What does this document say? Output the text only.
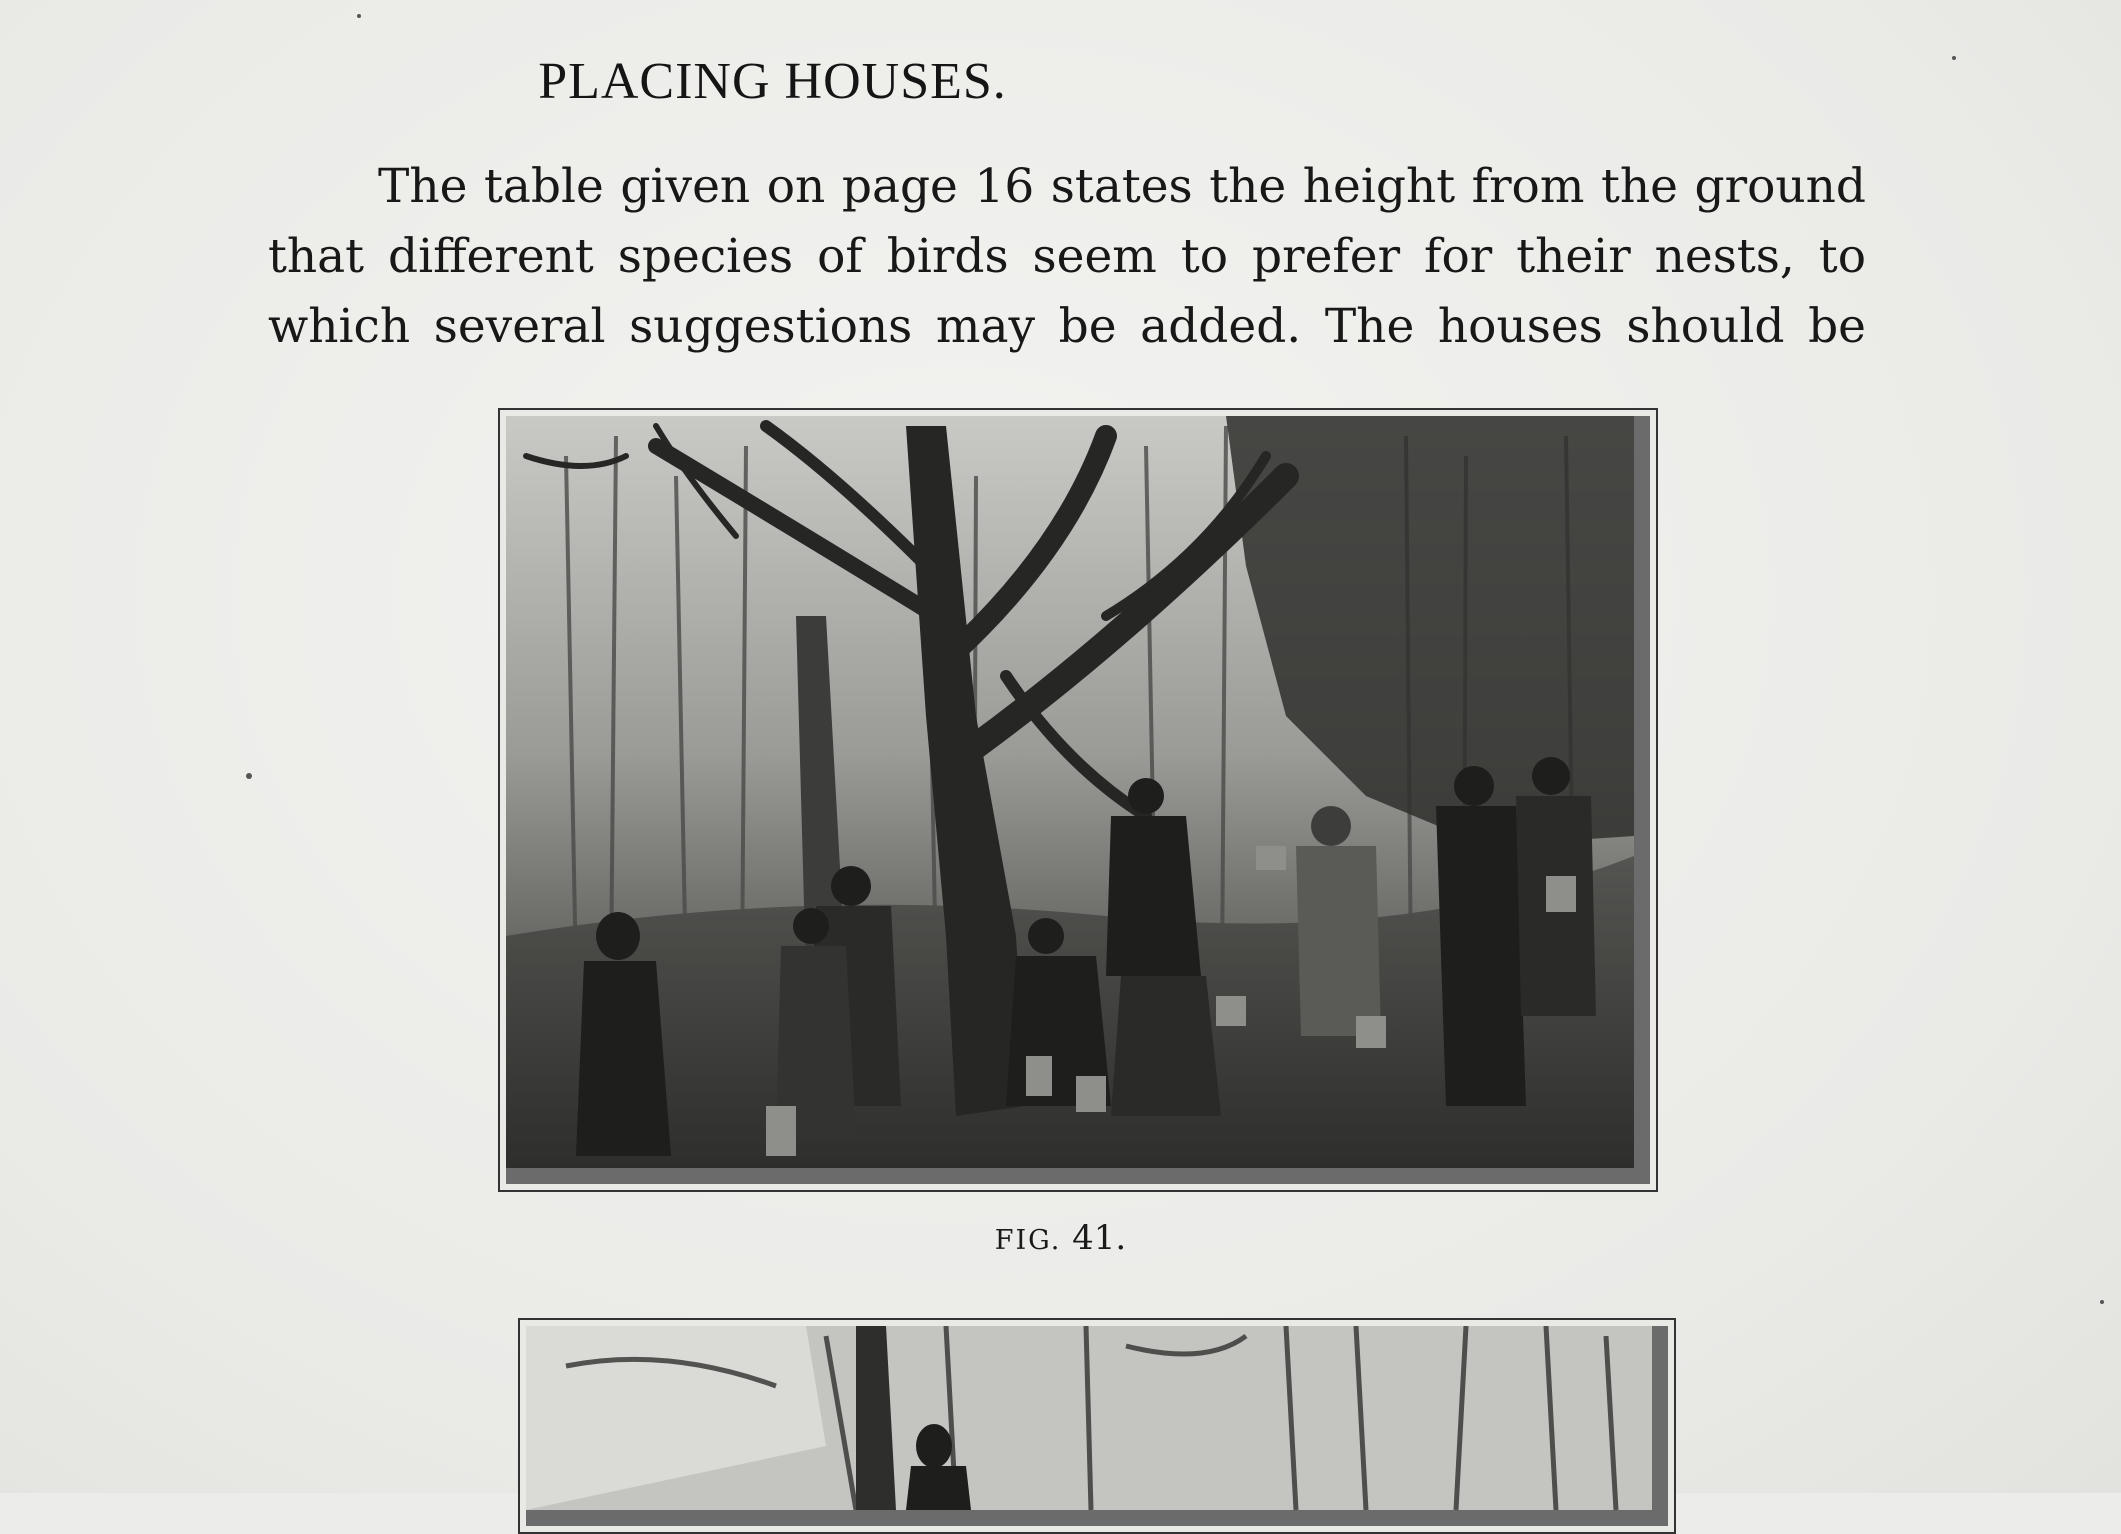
PLACING HOUSES.
The table given on page 16 states the height from the ground
that different species of birds seem to prefer for their nests, to
which several suggestions may be added. The houses should be
FIG. 41.
